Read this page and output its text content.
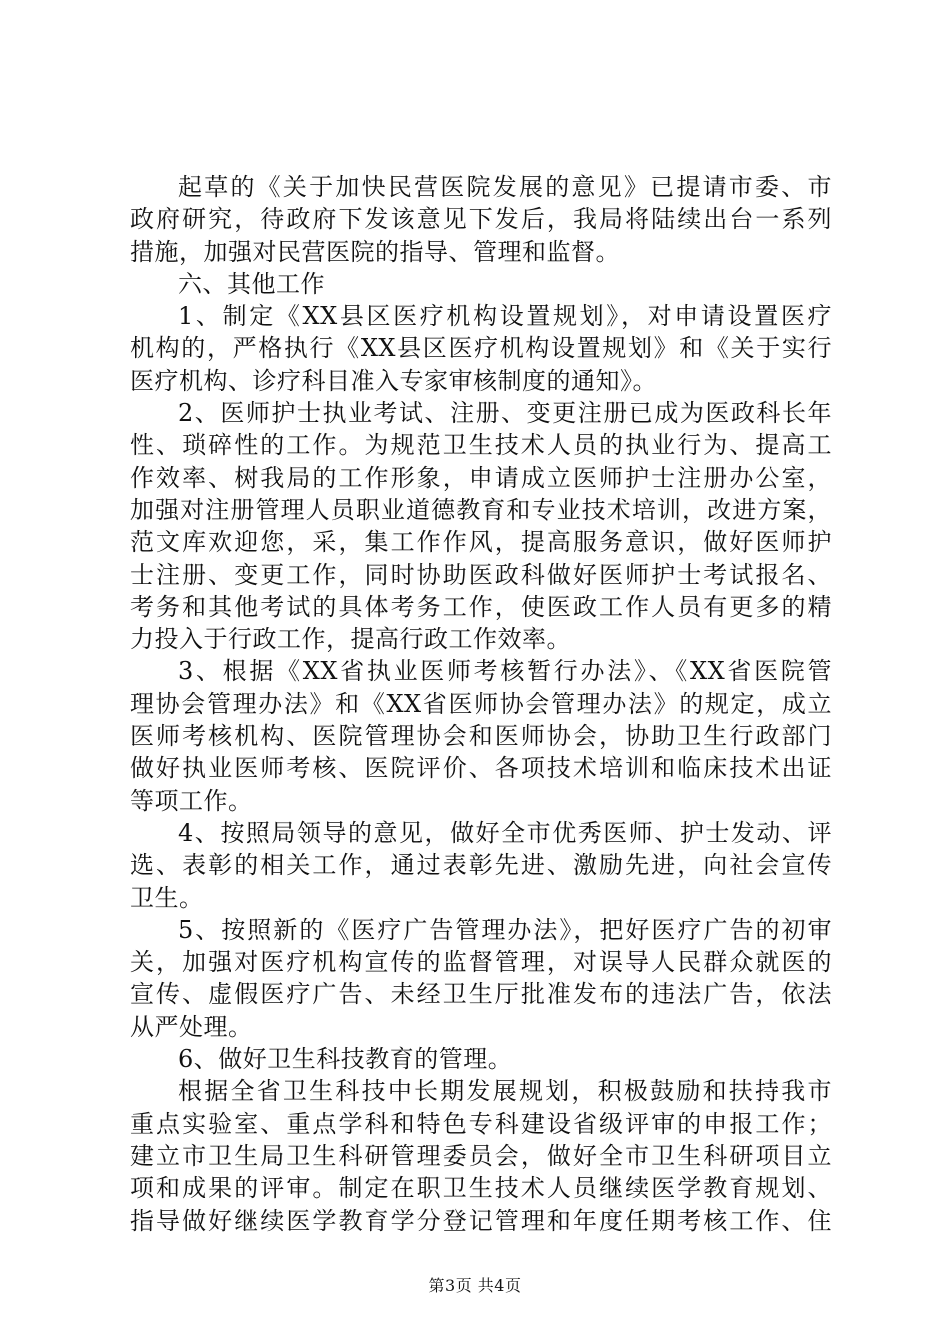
起草的《关于加快民营医院发展的意见》已提请市委、市
政府研究，待政府下发该意见下发后，我局将陆续出台一系列
措施，加强对民营医院的指导、管理和监督。
六、其他工作
1、制定《XX县区医疗机构设置规划》，对申请设置医疗
机构的，严格执行《XX县区医疗机构设置规划》和《关于实行
医疗机构、诊疗科目准入专家审核制度的通知》。
2、医师护士执业考试、注册、变更注册已成为医政科长年
性、琐碎性的工作。为规范卫生技术人员的执业行为、提高工
作效率、树我局的工作形象，申请成立医师护士注册办公室，
加强对注册管理人员职业道德教育和专业技术培训，改进方案，
范文库欢迎您，采，集工作作风，提高服务意识，做好医师护
士注册、变更工作，同时协助医政科做好医师护士考试报名、
考务和其他考试的具体考务工作，使医政工作人员有更多的精
力投入于行政工作，提高行政工作效率。
3、根据《XX省执业医师考核暂行办法》、《XX省医院管
理协会管理办法》和《XX省医师协会管理办法》的规定，成立
医师考核机构、医院管理协会和医师协会，协助卫生行政部门
做好执业医师考核、医院评价、各项技术培训和临床技术出证
等项工作。
4、按照局领导的意见，做好全市优秀医师、护士发动、评
选、表彰的相关工作，通过表彰先进、激励先进，向社会宣传
卫生。
5、按照新的《医疗广告管理办法》，把好医疗广告的初审
关，加强对医疗机构宣传的监督管理，对误导人民群众就医的
宣传、虚假医疗广告、未经卫生厅批准发布的违法广告，依法
从严处理。
6、做好卫生科技教育的管理。
根据全省卫生科技中长期发展规划，积极鼓励和扶持我市
重点实验室、重点学科和特色专科建设省级评审的申报工作；
建立市卫生局卫生科研管理委员会，做好全市卫生科研项目立
项和成果的评审。制定在职卫生技术人员继续医学教育规划、
指导做好继续医学教育学分登记管理和年度任期考核工作、住
第3页 共4页
